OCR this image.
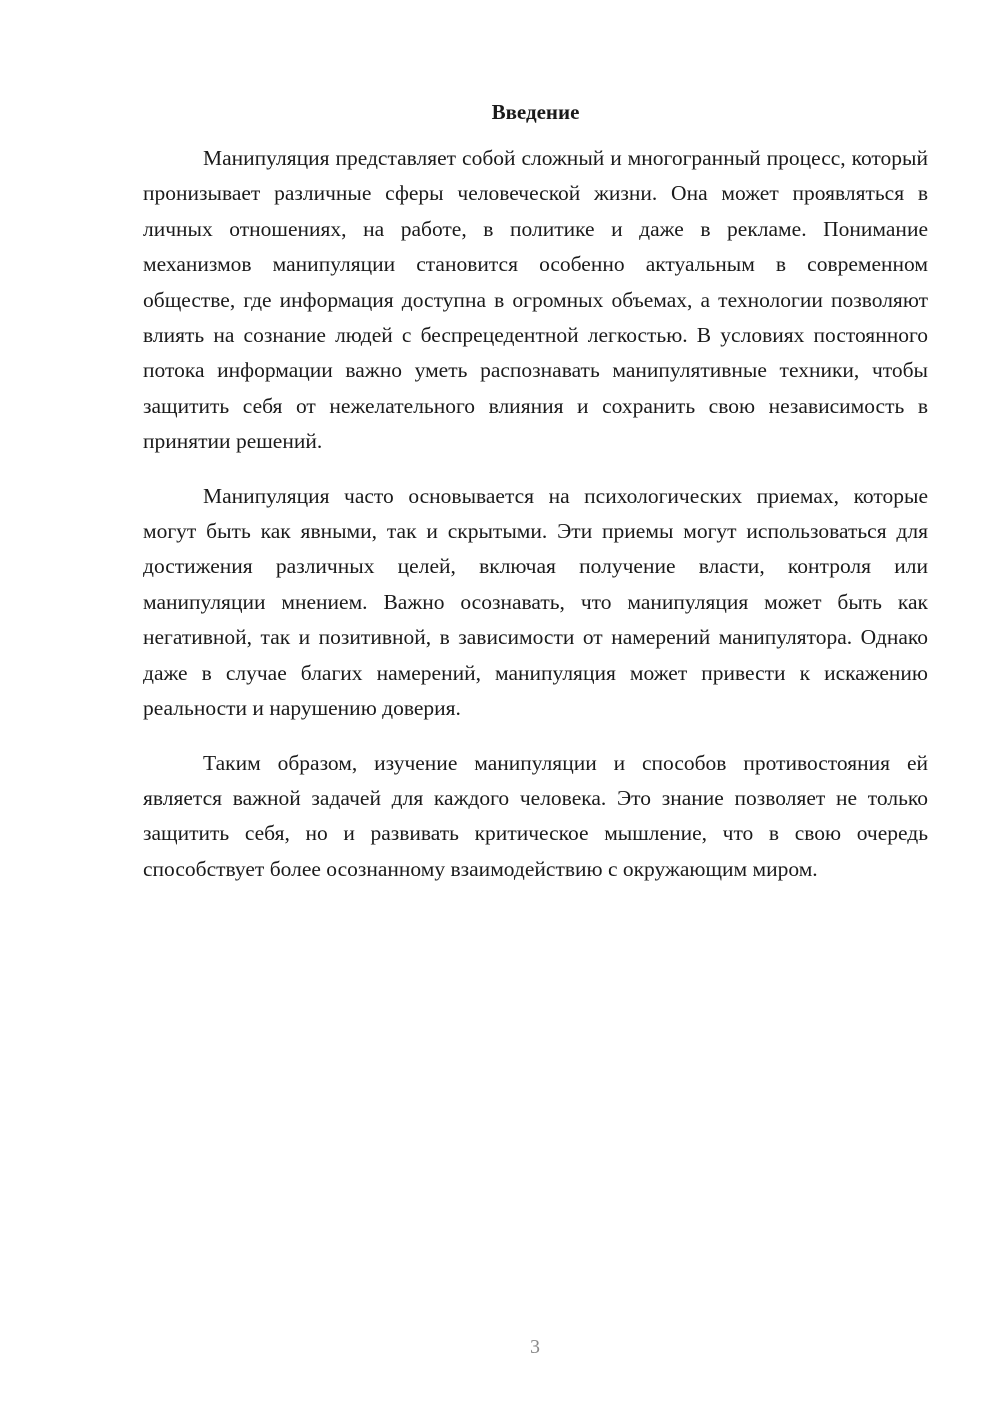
Введение

Манипуляция представляет собой сложный и многогранный процесс, который пронизывает различные сферы человеческой жизни. Она может проявляться в личных отношениях, на работе, в политике и даже в рекламе. Понимание механизмов манипуляции становится особенно актуальным в современном обществе, где информация доступна в огромных объемах, а технологии позволяют влиять на сознание людей с беспрецедентной легкостью. В условиях постоянного потока информации важно уметь распознавать манипулятивные техники, чтобы защитить себя от нежелательного влияния и сохранить свою независимость в принятии решений.

Манипуляция часто основывается на психологических приемах, которые могут быть как явными, так и скрытыми. Эти приемы могут использоваться для достижения различных целей, включая получение власти, контроля или манипуляции мнением. Важно осознавать, что манипуляция может быть как негативной, так и позитивной, в зависимости от намерений манипулятора. Однако даже в случае благих намерений, манипуляция может привести к искажению реальности и нарушению доверия.

Таким образом, изучение манипуляции и способов противостояния ей является важной задачей для каждого человека. Это знание позволяет не только защитить себя, но и развивать критическое мышление, что в свою очередь способствует более осознанному взаимодействию с окружающим миром.

3
